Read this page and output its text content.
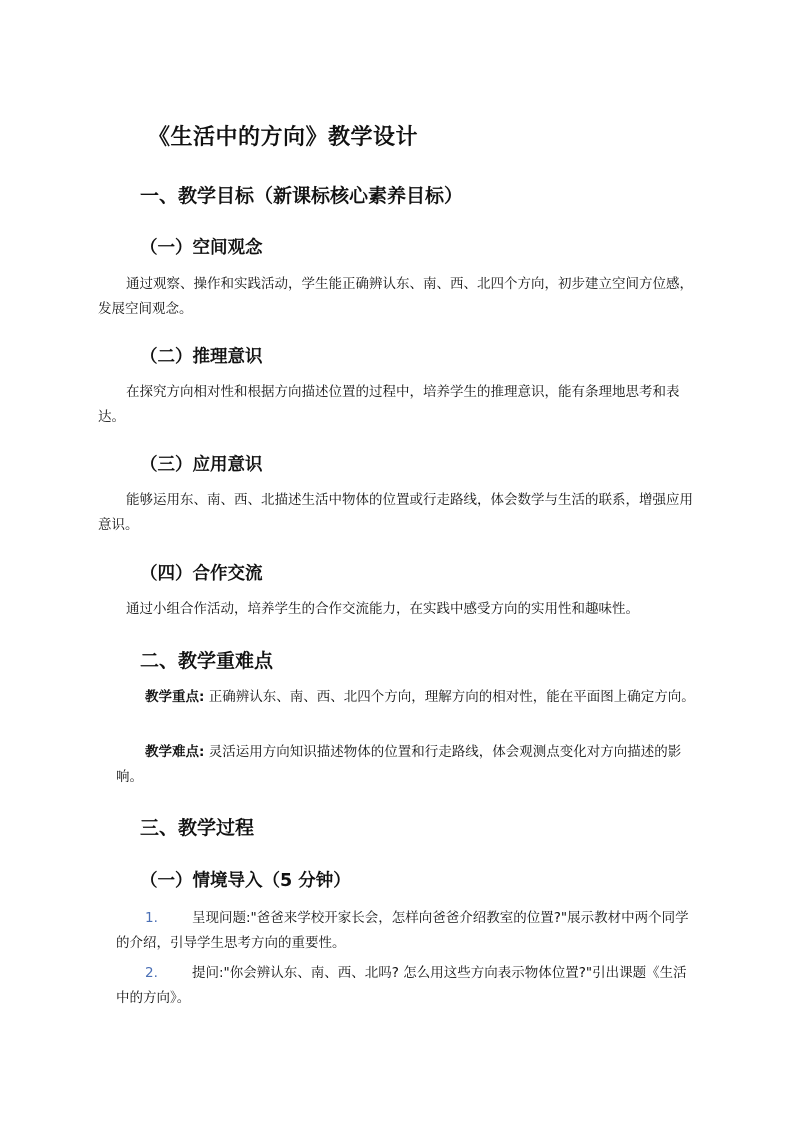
《生活中的方向》教学设计
一、教学目标（新课标核心素养目标）
（一）空间观念

通过观察、操作和实践活动，学生能正确辨认东、南、西、北四个方向，初步建立空间方位感，发展空间观念。

（二）推理意识

在探究方向相对性和根据方向描述位置的过程中，培养学生的推理意识，能有条理地思考和表达。

（三）应用意识

能够运用东、南、西、北描述生活中物体的位置或行走路线，体会数学与生活的联系，增强应用意识。

（四）合作交流

通过小组合作活动，培养学生的合作交流能力，在实践中感受方向的实用性和趣味性。

二、教学重难点

教学重点: 正确辨认东、南、西、北四个方向，理解方向的相对性，能在平面图上确定方向。

教学难点: 灵活运用方向知识描述物体的位置和行走路线，体会观测点变化对方向描述的影响。

三、教学过程
（一）情境导入（5 分钟）
1.	呈现问题:"爸爸来学校开家长会，怎样向爸爸介绍教室的位置?"展示教材中两个同学的介绍，引导学生思考方向的重要性。

2.	提问:"你会辨认东、南、西、北吗? 怎么用这些方向表示物体位置?"引出课题《生活中的方向》。
